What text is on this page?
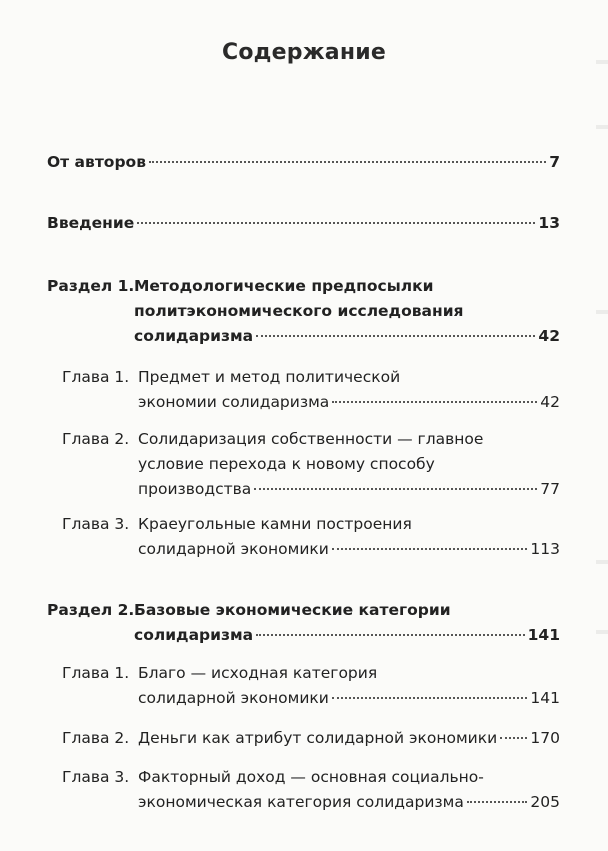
Содержание
От авторов	7
Введение	13
Раздел 1. Методологические предпосылки
политэкономического исследования
солидаризма	42
Глава 1. Предмет и метод политической
экономии солидаризма	42
Глава 2. Солидаризация собственности — главное
условие перехода к новому способу
производства	77
Глава 3. Краеугольные камни построения
солидарной экономики	113
Раздел 2. Базовые экономические категории
солидаризма	141
Глава 1. Благо — исходная категория
солидарной экономики	141
Глава 2. Деньги как атрибут солидарной экономики 170
Глава 3. Факторный доход — основная социально-
экономическая категория солидаризма	205
